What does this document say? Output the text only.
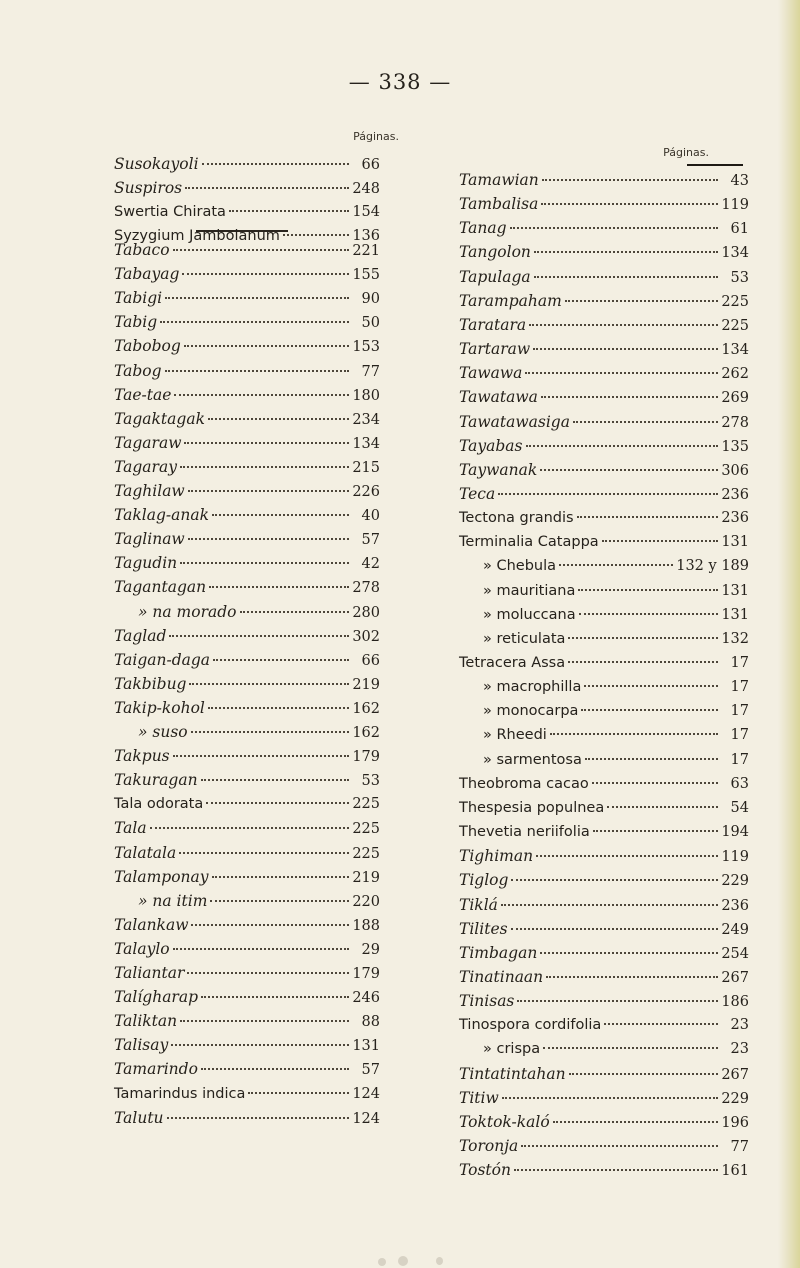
— 338 —
Páginas.
Susokayoli	66
Suspiros	248
Swertia Chirata	154
Syzygium Jambolanum	136
Tabaco	221
Tabayag	155
Tabigi	90
Tabig	50
Tabobog	153
Tabog	77
Tae-tae	180
Tagaktagak	234
Tagaraw	134
Tagaray	215
Taghilaw	226
Taklag-anak	40
Taglinaw	57
Tagudin	42
Tagantagan	278
» na morado	280
Taglad	302
Taigan-daga	66
Takbibug	219
Takip-kohol	162
» suso	162
Takpus	179
Takuragan	53
Tala odorata	225
Tala	225
Talatala	225
Talamponay	219
» na itim	220
Talankaw	188
Talaylo	29
Taliantar	179
Talígharap	246
Taliktan	88
Talisay	131
Tamarindo	57
Tamarindus indica	124
Talutu	124
Páginas.
Tamawian	43
Tambalisa	119
Tanag	61
Tangolon	134
Tapulaga	53
Tarampaham	225
Taratara	225
Tartaraw	134
Tawawa	262
Tawatawa	269
Tawatawasiga	278
Tayabas	135
Taywanak	306
Teca	236
Tectona grandis	236
Terminalia Catappa	131
» Chebula	132 y 189
» mauritiana	131
» moluccana	131
» reticulata	132
Tetracera Assa	17
» macrophilla	17
» monocarpa	17
» Rheedi	17
» sarmentosa	17
Theobroma cacao	63
Thespesia populnea	54
Thevetia neriifolia	194
Tighiman	119
Tiglog	229
Tiklá	236
Tilites	249
Timbagan	254
Tinatinaan	267
Tinisas	186
Tinospora cordifolia	23
» crispa	23
Tintatintahan	267
Titiw	229
Toktok-kaló	196
Toronja	77
Tostón	161
